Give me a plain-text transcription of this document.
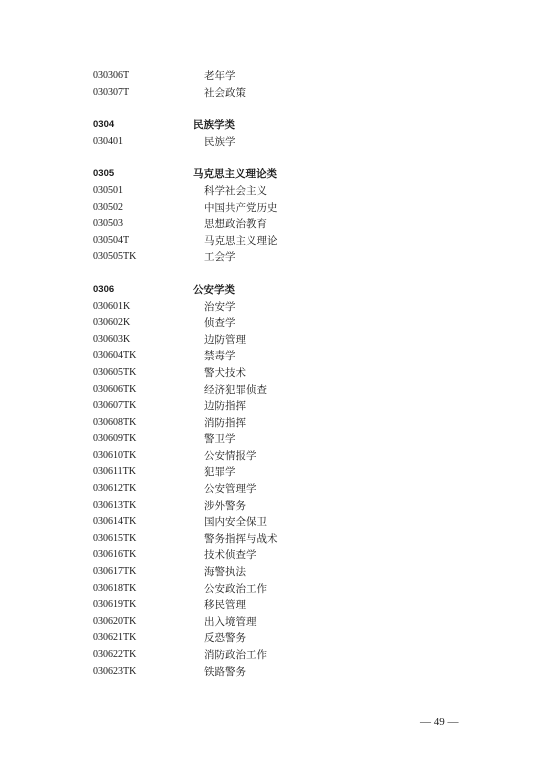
030306T	老年学
030307T	社会政策
0304	民族学类
030401	民族学
0305	马克思主义理论类
030501	科学社会主义
030502	中国共产党历史
030503	思想政治教育
030504T	马克思主义理论
030505TK	工会学
0306	公安学类
030601K	治安学
030602K	侦查学
030603K	边防管理
030604TK	禁毒学
030605TK	警犬技术
030606TK	经济犯罪侦查
030607TK	边防指挥
030608TK	消防指挥
030609TK	警卫学
030610TK	公安情报学
030611TK	犯罪学
030612TK	公安管理学
030613TK	涉外警务
030614TK	国内安全保卫
030615TK	警务指挥与战术
030616TK	技术侦查学
030617TK	海警执法
030618TK	公安政治工作
030619TK	移民管理
030620TK	出入境管理
030621TK	反恐警务
030622TK	消防政治工作
030623TK	铁路警务
— 49 —
